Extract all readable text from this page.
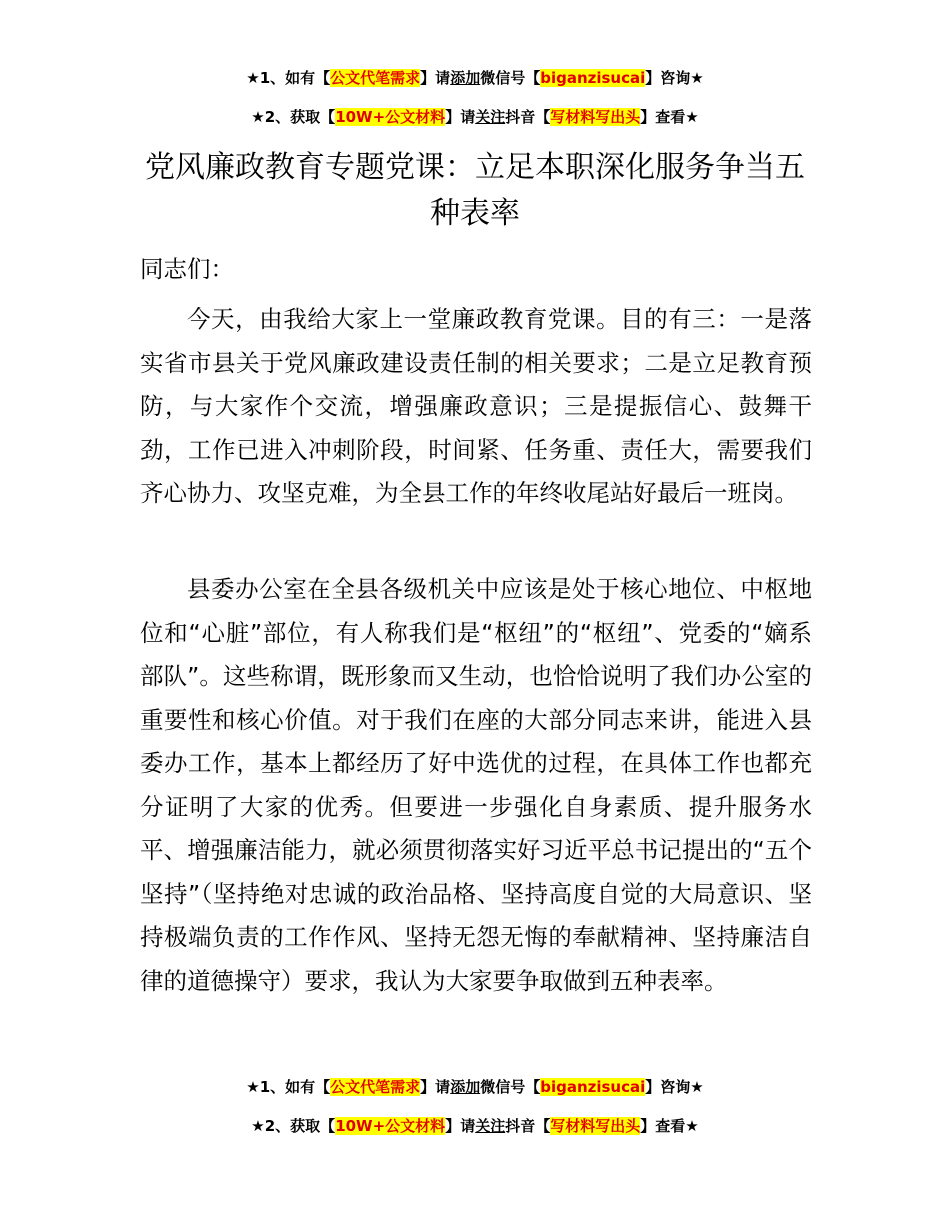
★1、如有【公文代笔需求】请添加微信号【biganzisucai】咨询★
★2、获取【10W+公文材料】请关注抖音【写材料写出头】查看★
党风廉政教育专题党课：立足本职深化服务争当五种表率

同志们：

今天，由我给大家上一堂廉政教育党课。目的有三：一是落实省市县关于党风廉政建设责任制的相关要求；二是立足教育预防，与大家作个交流，增强廉政意识；三是提振信心、鼓舞干劲，工作已进入冲刺阶段，时间紧、任务重、责任大，需要我们齐心协力、攻坚克难，为全县工作的年终收尾站好最后一班岗。

县委办公室在全县各级机关中应该是处于核心地位、中枢地位和“心脏”部位，有人称我们是“枢纽”的“枢纽”、党委的“嫡系部队”。这些称谓，既形象而又生动，也恰恰说明了我们办公室的重要性和核心价值。对于我们在座的大部分同志来讲，能进入县委办工作，基本上都经历了好中选优的过程，在具体工作也都充分证明了大家的优秀。但要进一步强化自身素质、提升服务水平、增强廉洁能力，就必须贯彻落实好习近平总书记提出的“五个坚持”（坚持绝对忠诚的政治品格、坚持高度自觉的大局意识、坚持极端负责的工作作风、坚持无怨无悔的奉献精神、坚持廉洁自律的道德操守）要求，我认为大家要争取做到五种表率。

★1、如有【公文代笔需求】请添加微信号【biganzisucai】咨询★
★2、获取【10W+公文材料】请关注抖音【写材料写出头】查看★
